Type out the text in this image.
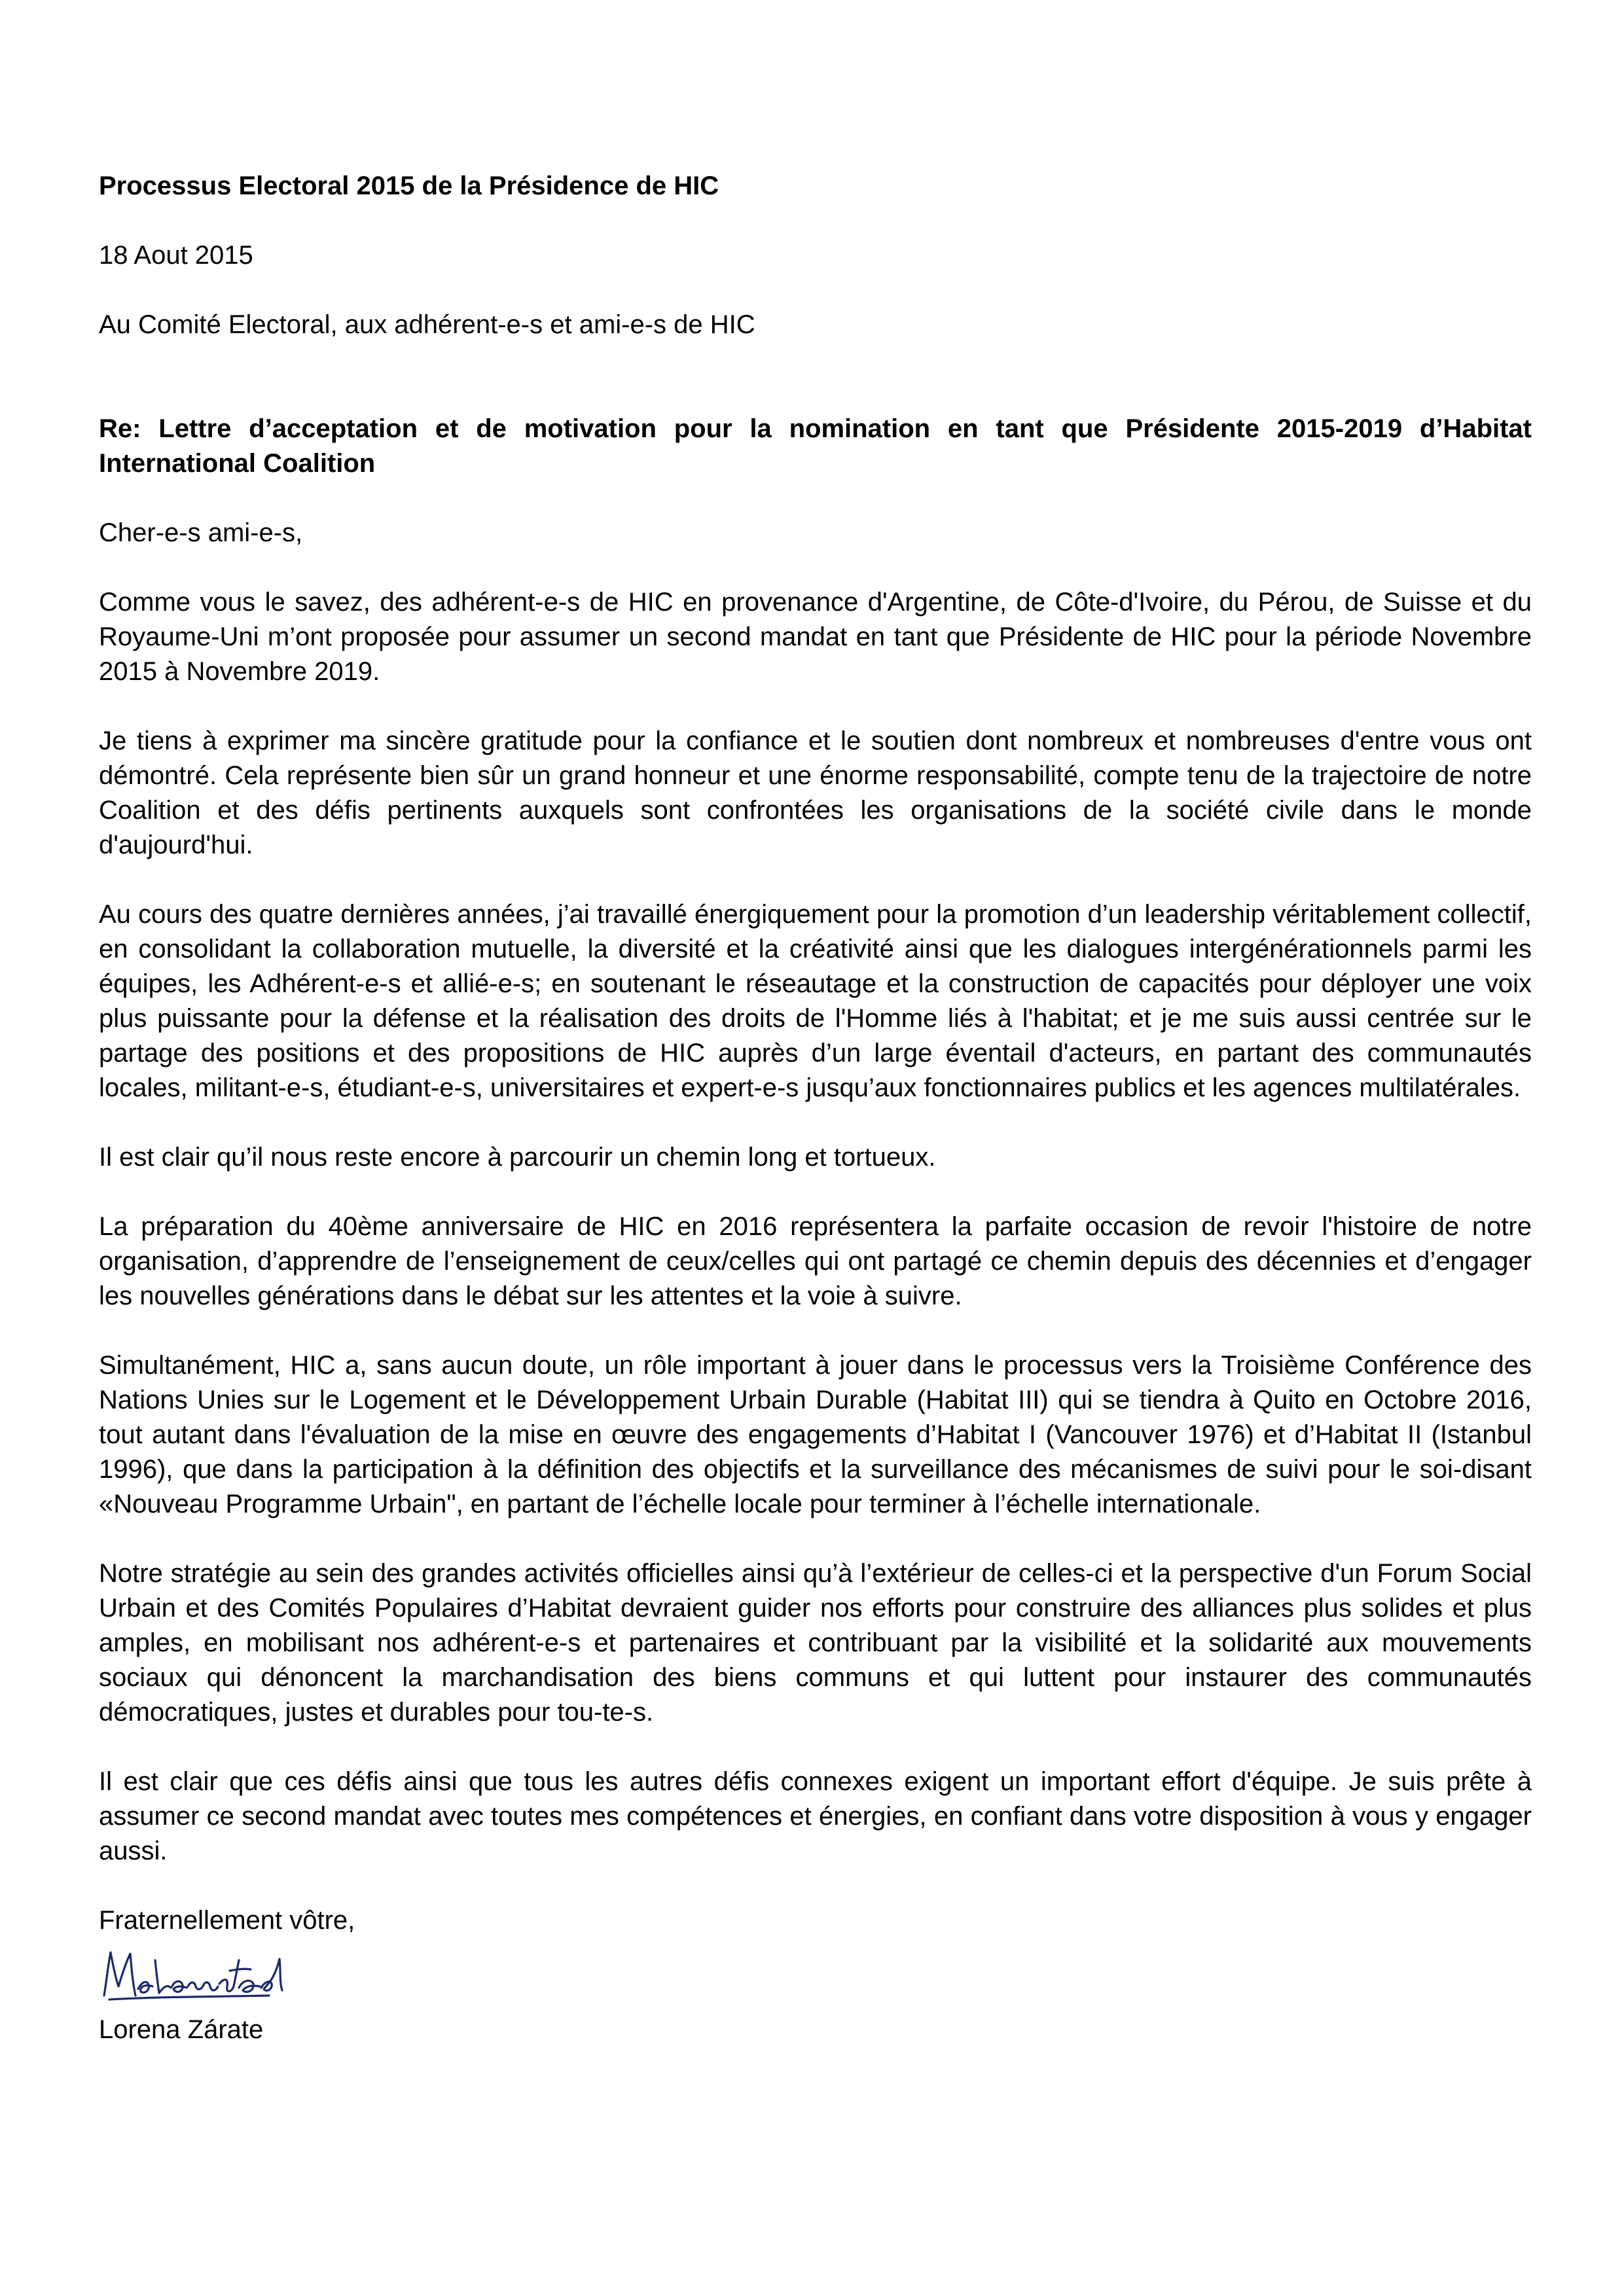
Processus Electoral 2015 de la Présidence de HIC

18 Aout 2015

Au Comité Electoral, aux adhérent-e-s et ami-e-s de HIC

Re: Lettre d’acceptation et de motivation pour la nomination en tant que Présidente 2015-2019 d’Habitat International Coalition

Cher-e-s ami-e-s,

Comme vous le savez, des adhérent-e-s de HIC en provenance d'Argentine, de Côte-d'Ivoire, du Pérou, de Suisse et du Royaume-Uni m’ont proposée pour assumer un second mandat en tant que Présidente de HIC pour la période Novembre 2015 à Novembre 2019.

Je tiens à exprimer ma sincère gratitude pour la confiance et le soutien dont nombreux et nombreuses d'entre vous ont démontré. Cela représente bien sûr un grand honneur et une énorme responsabilité, compte tenu de la trajectoire de notre Coalition et des défis pertinents auxquels sont confrontées les organisations de la société civile dans le monde d'aujourd'hui.

Au cours des quatre dernières années, j’ai travaillé énergiquement pour la promotion d’un leadership véritablement collectif, en consolidant la collaboration mutuelle, la diversité et la créativité ainsi que les dialogues intergénérationnels parmi les équipes, les Adhérent-e-s et allié-e-s; en soutenant le réseautage et la construction de capacités pour déployer une voix plus puissante pour la défense et la réalisation des droits de l'Homme liés à l'habitat; et je me suis aussi centrée sur le partage des positions et des propositions de HIC auprès d’un large éventail d'acteurs, en partant des communautés locales, militant-e-s, étudiant-e-s, universitaires et expert-e-s jusqu’aux fonctionnaires publics et les agences multilatérales.

Il est clair qu’il nous reste encore à parcourir un chemin long et tortueux.

La préparation du 40ème anniversaire de HIC en 2016 représentera la parfaite occasion de revoir l'histoire de notre organisation, d’apprendre de l’enseignement de ceux/celles qui ont partagé ce chemin depuis des décennies et d’engager les nouvelles générations dans le débat sur les attentes et la voie à suivre.

Simultanément, HIC a, sans aucun doute, un rôle important à jouer dans le processus vers la Troisième Conférence des Nations Unies sur le Logement et le Développement Urbain Durable (Habitat III) qui se tiendra à Quito en Octobre 2016, tout autant dans l'évaluation de la mise en œuvre des engagements d’Habitat I (Vancouver 1976) et d’Habitat II (Istanbul 1996), que dans la participation à la définition des objectifs et la surveillance des mécanismes de suivi pour le soi-disant «Nouveau Programme Urbain", en partant de l’échelle locale pour terminer à l’échelle internationale.

Notre stratégie au sein des grandes activités officielles ainsi qu’à l’extérieur de celles-ci et la perspective d'un Forum Social Urbain et des Comités Populaires d’Habitat devraient guider nos efforts pour construire des alliances plus solides et plus amples, en mobilisant nos adhérent-e-s et partenaires et contribuant par la visibilité et la solidarité aux mouvements sociaux qui dénoncent la marchandisation des biens communs et qui luttent pour instaurer des communautés démocratiques, justes et durables pour tou-te-s.

Il est clair que ces défis ainsi que tous les autres défis connexes exigent un important effort d'équipe. Je suis prête à assumer ce second mandat avec toutes mes compétences et énergies, en confiant dans votre disposition à vous y engager aussi.

Fraternellement vôtre,

Lorena Zárate
